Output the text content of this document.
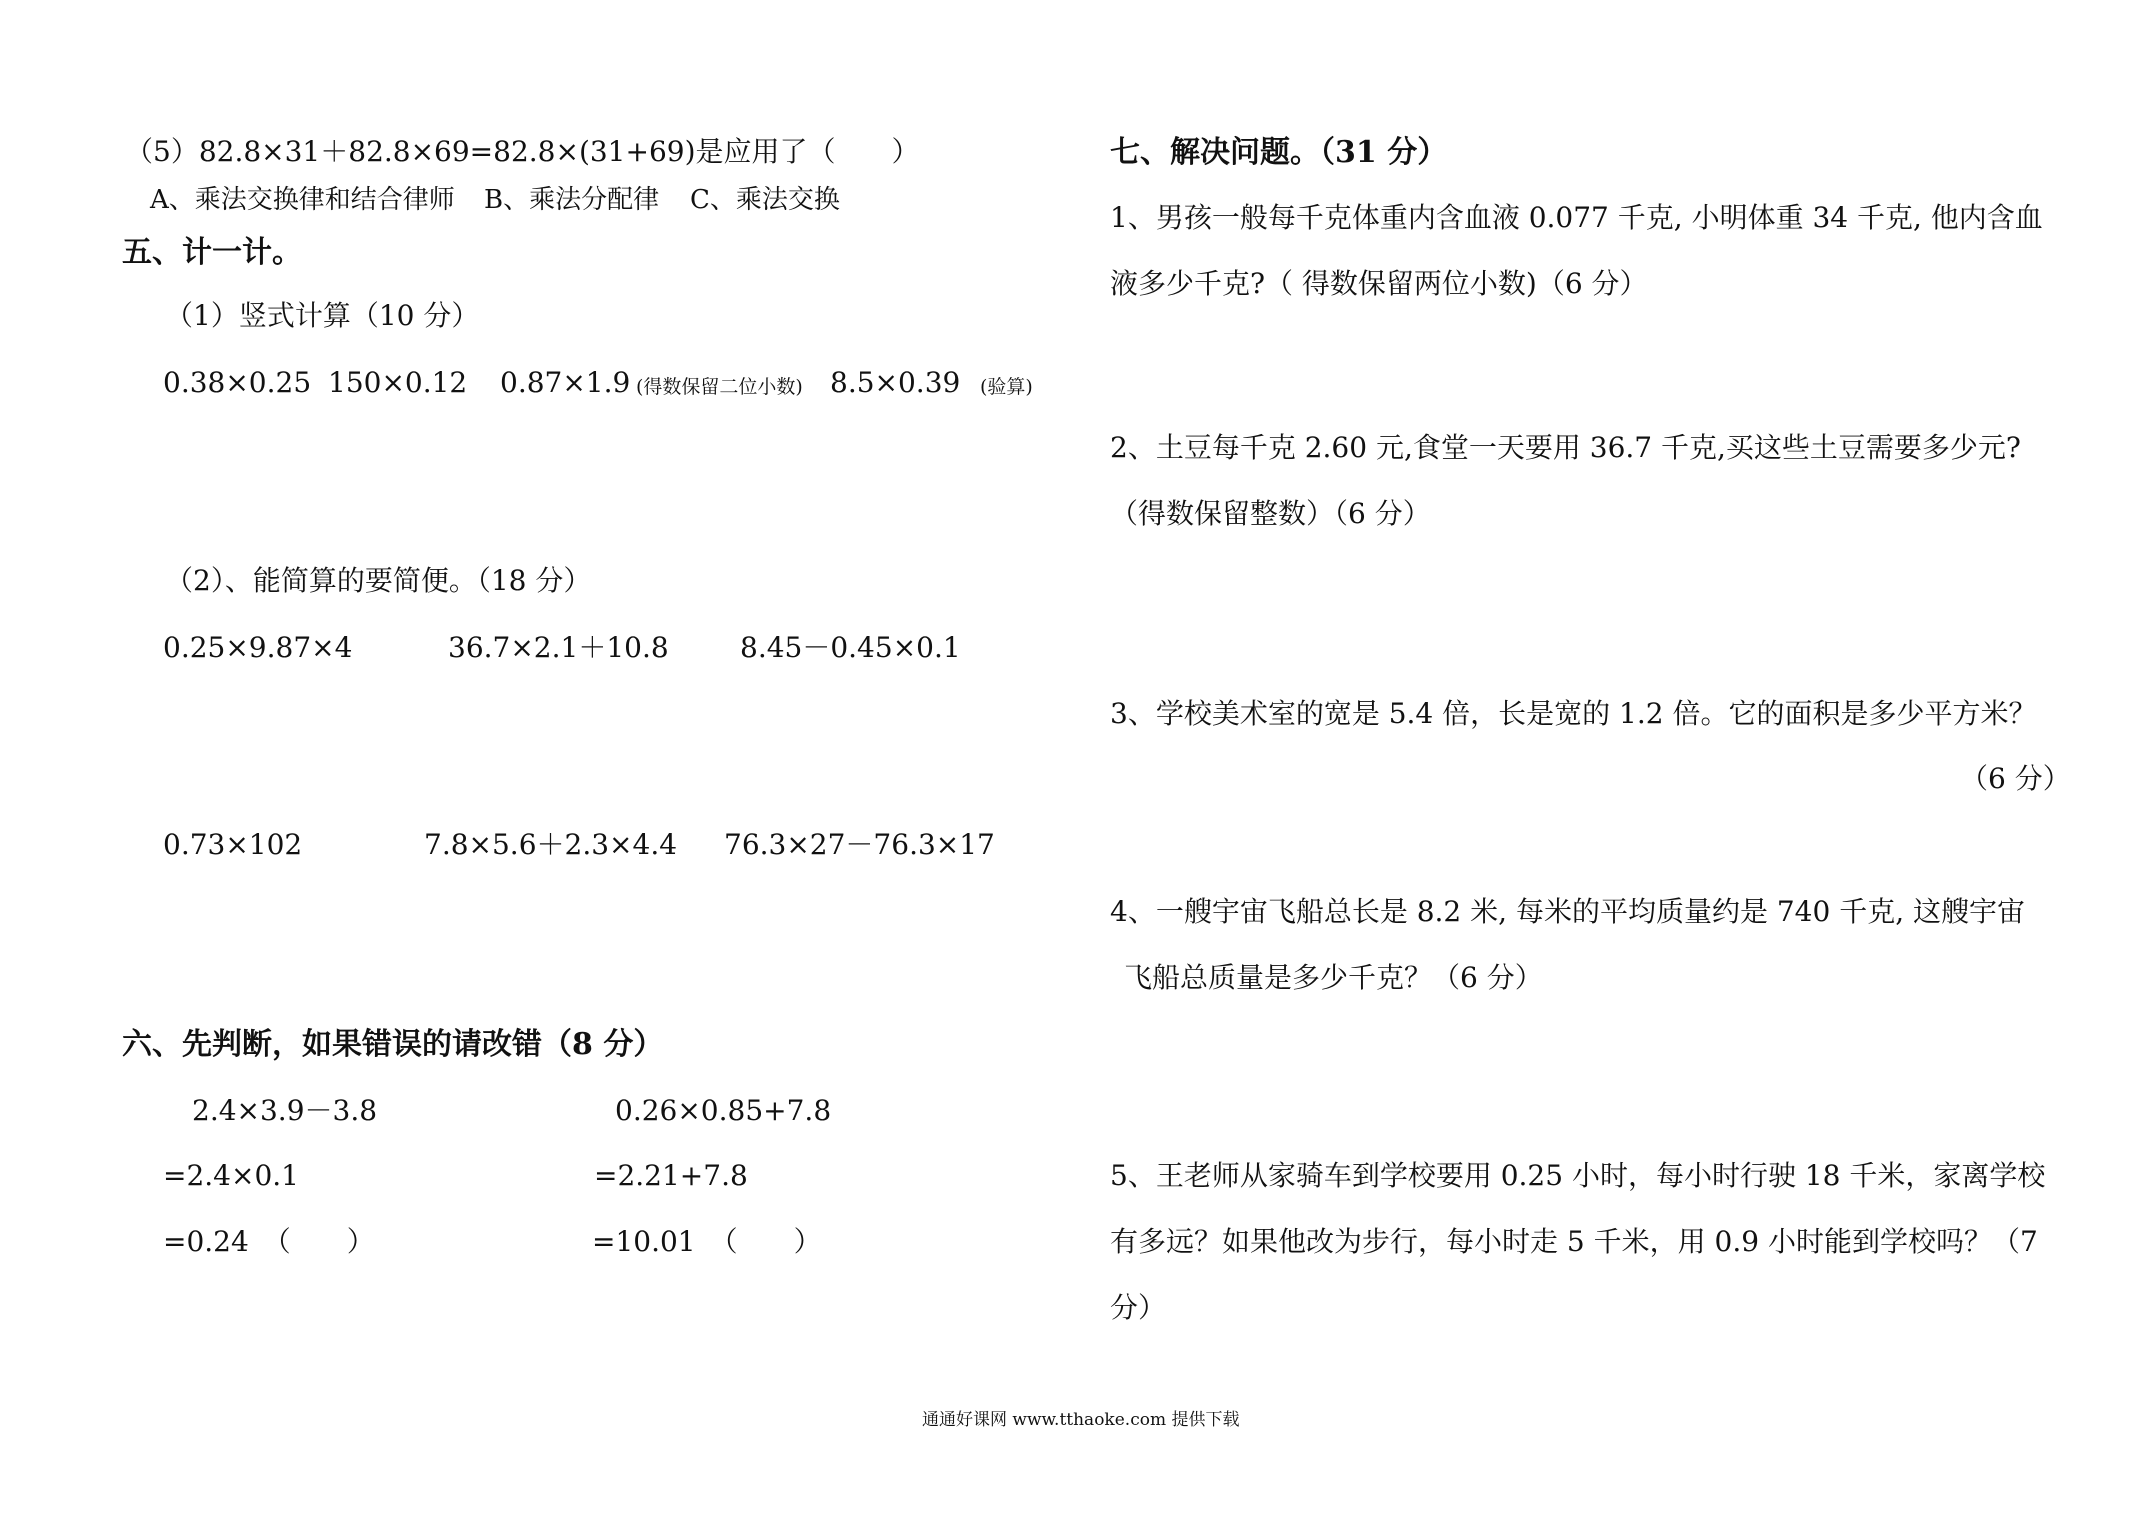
（5）82.8×31＋82.8×69=82.8×(31+69)是应用了（　　）
A、乘法交换律和结合律师 B、乘法分配律 C、乘法交换
五、计一计。
（1）竖式计算（10 分）
0.38×0.25 150×0.12 0.87×1.9 (得数保留二位小数) 8.5×0.39 (验算)
（2）、能简算的要简便。（18 分）
0.25×9.87×4	36.7×2.1＋10.8	8.45－0.45×0.1
0.73×102	7.8×5.6＋2.3×4.4 76.3×27－76.3×17
六、先判断，如果错误的请改错（8 分）
2.4×3.9－3.8
=2.4×0.1
=0.24　（　　）
0.26×0.85+7.8
=2.21+7.8
=10.01　（　　）
七、解决问题。（31 分）
1、男孩一般每千克体重内含血液 0.077 千克, 小明体重 34 千克, 他内含血
液多少千克?（ 得数保留两位小数)（6 分）
2、土豆每千克 2.60 元,食堂一天要用 36.7 千克,买这些土豆需要多少元?
（得数保留整数）（6 分）
3、学校美术室的宽是 5.4 倍，长是宽的 1.2 倍。它的面积是多少平方米？
（6 分）
4、一艘宇宙飞船总长是 8.2 米, 每米的平均质量约是 740 千克, 这艘宇宙
飞船总质量是多少千克？（6 分）
5、王老师从家骑车到学校要用 0.25 小时，每小时行驶 18 千米，家离学校
有多远？如果他改为步行，每小时走 5 千米，用 0.9 小时能到学校吗？（7
分）
通通好课网 www.tthaoke.com 提供下载
